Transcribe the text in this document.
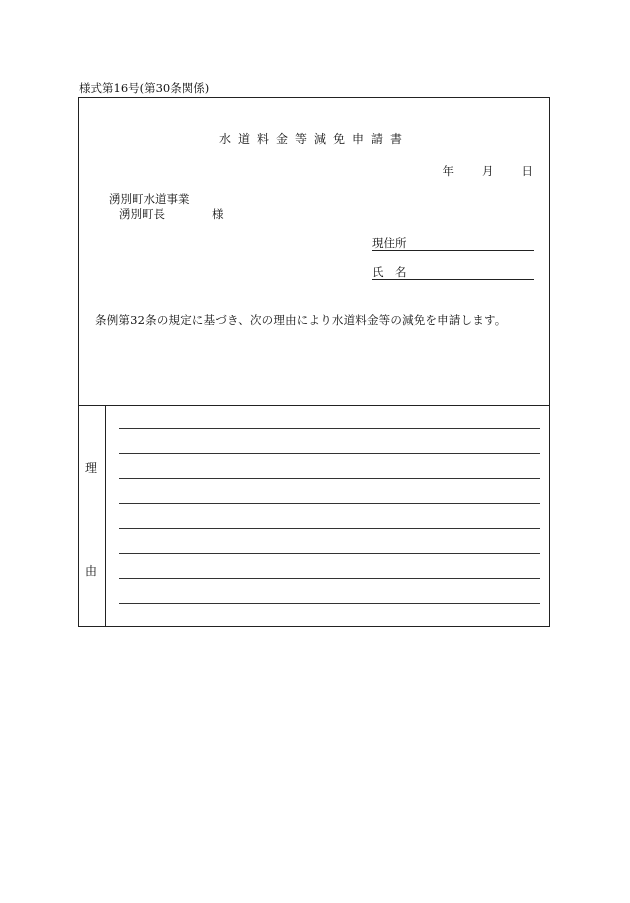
様式第16号(第30条関係)
水道料金等減免申請書
年 月 日
湧別町水道事業
湧別町長	様
現住所
氏　名
条例第32条の規定に基づき、次の理由により水道料金等の減免を申請します。
理
由
